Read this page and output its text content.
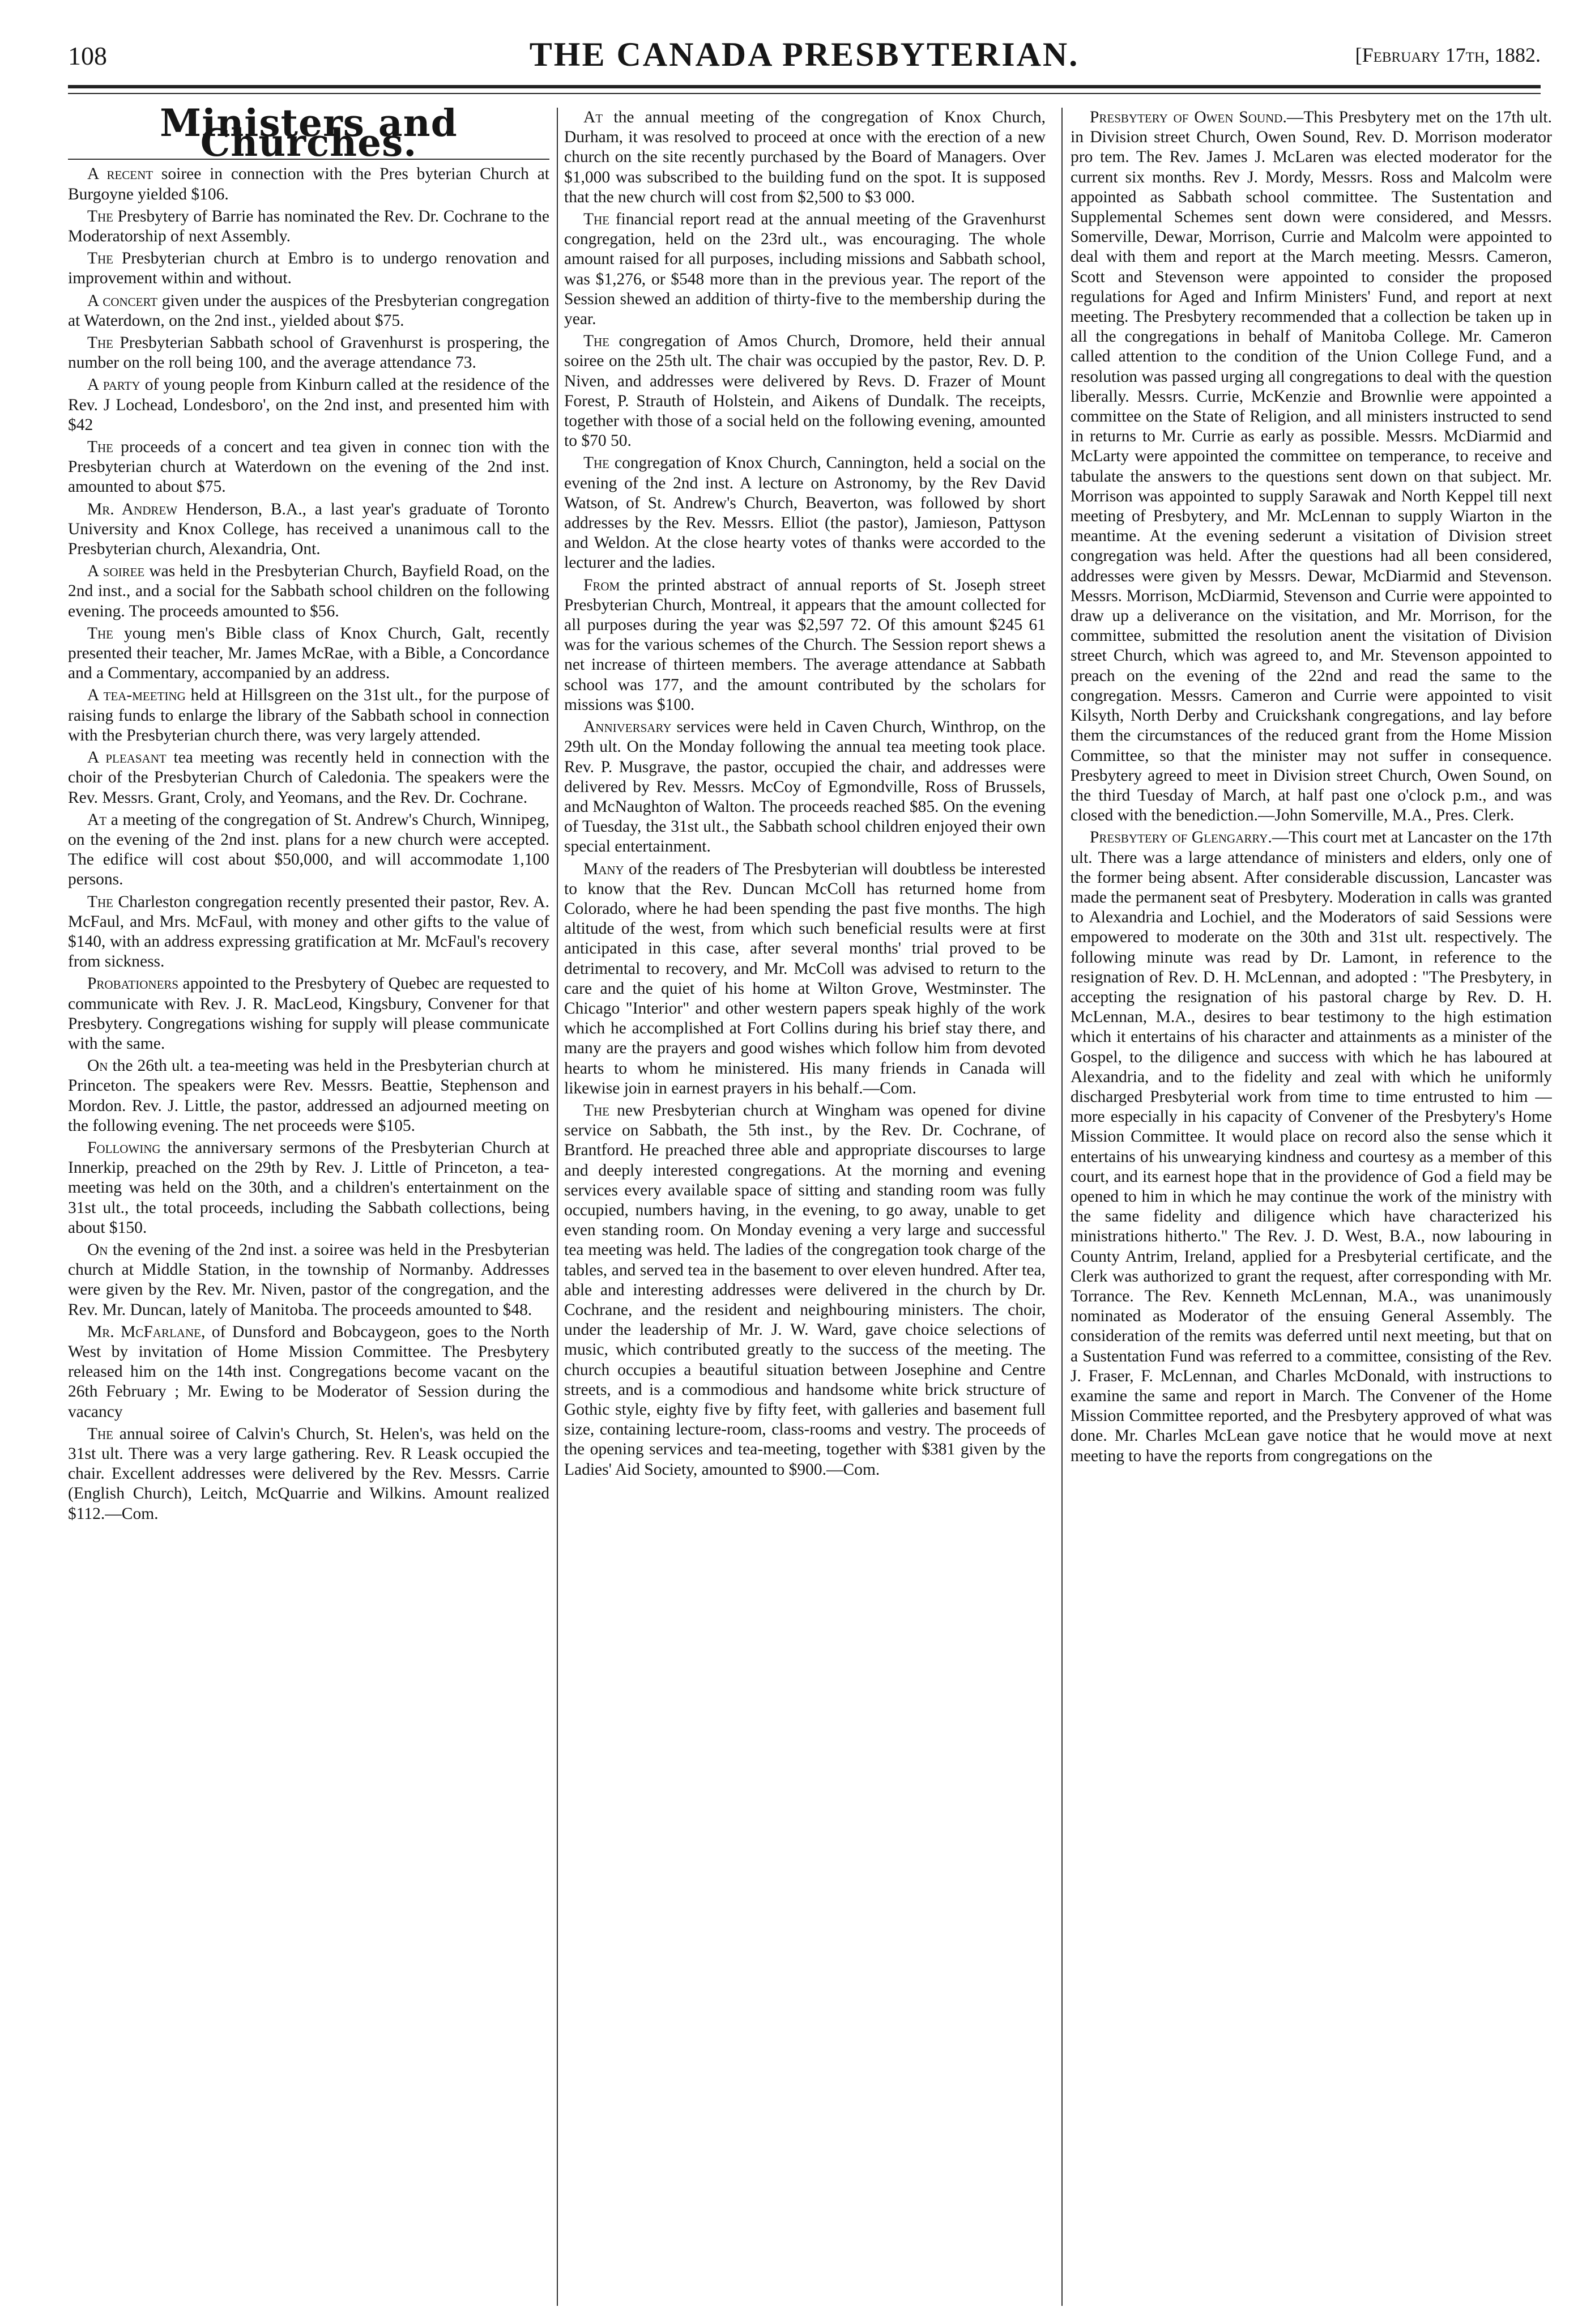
108	THE CANADA PRESBYTERIAN.	[February 17th, 1882.
Ministers and Churches.

A recent soiree in connection with the Pres byterian Church at Burgoyne yielded $106.

The Presbytery of Barrie has nominated the Rev. Dr. Cochrane to the Moderatorship of next Assembly.

The Presbyterian church at Embro is to undergo renovation and improvement within and without.

A concert given under the auspices of the Presbyterian congregation at Waterdown, on the 2nd inst., yielded about $75.

The Presbyterian Sabbath school of Gravenhurst is prospering, the number on the roll being 100, and the average attendance 73.

A party of young people from Kinburn called at the residence of the Rev. J Lochead, Londesboro', on the 2nd inst, and presented him with $42

The proceeds of a concert and tea given in connec tion with the Presbyterian church at Waterdown on the evening of the 2nd inst. amounted to about $75.

Mr. Andrew Henderson, B.A., a last year's graduate of Toronto University and Knox College, has received a unanimous call to the Presbyterian church, Alexandria, Ont.

A soiree was held in the Presbyterian Church, Bayfield Road, on the 2nd inst., and a social for the Sabbath school children on the following evening. The proceeds amounted to $56.

The young men's Bible class of Knox Church, Galt, recently presented their teacher, Mr. James McRae, with a Bible, a Concordance and a Commentary, accompanied by an address.

A tea-meeting held at Hillsgreen on the 31st ult., for the purpose of raising funds to enlarge the library of the Sabbath school in connection with the Presbyterian church there, was very largely attended.

A pleasant tea meeting was recently held in connection with the choir of the Presbyterian Church of Caledonia. The speakers were the Rev. Messrs. Grant, Croly, and Yeomans, and the Rev. Dr. Cochrane.

At a meeting of the congregation of St. Andrew's Church, Winnipeg, on the evening of the 2nd inst. plans for a new church were accepted. The edifice will cost about $50,000, and will accommodate 1,100 persons.

The Charleston congregation recently presented their pastor, Rev. A. McFaul, and Mrs. McFaul, with money and other gifts to the value of $140, with an address expressing gratification at Mr. McFaul's recovery from sickness.

Probationers appointed to the Presbytery of Quebec are requested to communicate with Rev. J. R. MacLeod, Kingsbury, Convener for that Presbytery. Congregations wishing for supply will please communicate with the same.

On the 26th ult. a tea-meeting was held in the Presbyterian church at Princeton. The speakers were Rev. Messrs. Beattie, Stephenson and Mordon. Rev. J. Little, the pastor, addressed an adjourned meeting on the following evening. The net proceeds were $105.

Following the anniversary sermons of the Presbyterian Church at Innerkip, preached on the 29th by Rev. J. Little of Princeton, a tea-meeting was held on the 30th, and a children's entertainment on the 31st ult., the total proceeds, including the Sabbath collections, being about $150.

On the evening of the 2nd inst. a soiree was held in the Presbyterian church at Middle Station, in the township of Normanby. Addresses were given by the Rev. Mr. Niven, pastor of the congregation, and the Rev. Mr. Duncan, lately of Manitoba. The proceeds amounted to $48.

Mr. McFarlane, of Dunsford and Bobcaygeon, goes to the North West by invitation of Home Mission Committee. The Presbytery released him on the 14th inst. Congregations become vacant on the 26th February ; Mr. Ewing to be Moderator of Session during the vacancy

The annual soiree of Calvin's Church, St. Helen's, was held on the 31st ult. There was a very large gathering. Rev. R Leask occupied the chair. Excellent addresses were delivered by the Rev. Messrs. Carrie (English Church), Leitch, McQuarrie and Wilkins. Amount realized $112.—Com.

At the annual meeting of the congregation of Knox Church, Durham, it was resolved to proceed at once with the erection of a new church on the site recently purchased by the Board of Managers. Over $1,000 was subscribed to the building fund on the spot. It is supposed that the new church will cost from $2,500 to $3 000.

The financial report read at the annual meeting of the Gravenhurst congregation, held on the 23rd ult., was encouraging. The whole amount raised for all purposes, including missions and Sabbath school, was $1,276, or $548 more than in the previous year. The report of the Session shewed an addition of thirty-five to the membership during the year.

The congregation of Amos Church, Dromore, held their annual soiree on the 25th ult. The chair was occupied by the pastor, Rev. D. P. Niven, and addresses were delivered by Revs. D. Frazer of Mount Forest, P. Strauth of Holstein, and Aikens of Dundalk. The receipts, together with those of a social held on the following evening, amounted to $70 50.

The congregation of Knox Church, Cannington, held a social on the evening of the 2nd inst. A lecture on Astronomy, by the Rev David Watson, of St. Andrew's Church, Beaverton, was followed by short addresses by the Rev. Messrs. Elliot (the pastor), Jamieson, Pattyson and Weldon. At the close hearty votes of thanks were accorded to the lecturer and the ladies.

From the printed abstract of annual reports of St. Joseph street Presbyterian Church, Montreal, it appears that the amount collected for all purposes during the year was $2,597 72. Of this amount $245 61 was for the various schemes of the Church. The Session report shews a net increase of thirteen members. The average attendance at Sabbath school was 177, and the amount contributed by the scholars for missions was $100.

Anniversary services were held in Caven Church, Winthrop, on the 29th ult. On the Monday following the annual tea meeting took place. Rev. P. Musgrave, the pastor, occupied the chair, and addresses were delivered by Rev. Messrs. McCoy of Egmondville, Ross of Brussels, and McNaughton of Walton. The proceeds reached $85. On the evening of Tuesday, the 31st ult., the Sabbath school children enjoyed their own special entertainment.

Many of the readers of The Presbyterian will doubtless be interested to know that the Rev. Duncan McColl has returned home from Colorado, where he had been spending the past five months. The high altitude of the west, from which such beneficial results were at first anticipated in this case, after several months' trial proved to be detrimental to recovery, and Mr. McColl was advised to return to the care and the quiet of his home at Wilton Grove, Westminster. The Chicago "Interior" and other western papers speak highly of the work which he accomplished at Fort Collins during his brief stay there, and many are the prayers and good wishes which follow him from devoted hearts to whom he ministered. His many friends in Canada will likewise join in earnest prayers in his behalf.—Com.

The new Presbyterian church at Wingham was opened for divine service on Sabbath, the 5th inst., by the Rev. Dr. Cochrane, of Brantford. He preached three able and appropriate discourses to large and deeply interested congregations. At the morning and evening services every available space of sitting and standing room was fully occupied, numbers having, in the evening, to go away, unable to get even standing room. On Monday evening a very large and successful tea meeting was held. The ladies of the congregation took charge of the tables, and served tea in the basement to over eleven hundred. After tea, able and interesting addresses were delivered in the church by Dr. Cochrane, and the resident and neighbouring ministers. The choir, under the leadership of Mr. J. W. Ward, gave choice selections of music, which contributed greatly to the success of the meeting. The church occupies a beautiful situation between Josephine and Centre streets, and is a commodious and handsome white brick structure of Gothic style, eighty five by fifty feet, with galleries and basement full size, containing lecture-room, class-rooms and vestry. The proceeds of the opening services and tea-meeting, together with $381 given by the Ladies' Aid Society, amounted to $900.—Com.

Presbytery of Owen Sound.—This Presbytery met on the 17th ult. in Division street Church, Owen Sound, Rev. D. Morrison moderator pro tem. The Rev. James J. McLaren was elected moderator for the current six months. Rev J. Mordy, Messrs. Ross and Malcolm were appointed as Sabbath school committee. The Sustentation and Supplemental Schemes sent down were considered, and Messrs. Somerville, Dewar, Morrison, Currie and Malcolm were appointed to deal with them and report at the March meeting. Messrs. Cameron, Scott and Stevenson were appointed to consider the proposed regulations for Aged and Infirm Ministers' Fund, and report at next meeting. The Presbytery recommended that a collection be taken up in all the congregations in behalf of Manitoba College. Mr. Cameron called attention to the condition of the Union College Fund, and a resolution was passed urging all congregations to deal with the question liberally. Messrs. Currie, McKenzie and Brownlie were appointed a committee on the State of Religion, and all ministers instructed to send in returns to Mr. Currie as early as possible. Messrs. McDiarmid and McLarty were appointed the committee on temperance, to receive and tabulate the answers to the questions sent down on that subject. Mr. Morrison was appointed to supply Sarawak and North Keppel till next meeting of Presbytery, and Mr. McLennan to supply Wiarton in the meantime. At the evening sederunt a visitation of Division street congregation was held. After the questions had all been considered, addresses were given by Messrs. Dewar, McDiarmid and Stevenson. Messrs. Morrison, McDiarmid, Stevenson and Currie were appointed to draw up a deliverance on the visitation, and Mr. Morrison, for the committee, submitted the resolution anent the visitation of Division street Church, which was agreed to, and Mr. Stevenson appointed to preach on the evening of the 22nd and read the same to the congregation. Messrs. Cameron and Currie were appointed to visit Kilsyth, North Derby and Cruickshank congregations, and lay before them the circumstances of the reduced grant from the Home Mission Committee, so that the minister may not suffer in consequence. Presbytery agreed to meet in Division street Church, Owen Sound, on the third Tuesday of March, at half past one o'clock p.m., and was closed with the benediction.—John Somerville, M.A., Pres. Clerk.

Presbytery of Glengarry.—This court met at Lancaster on the 17th ult. There was a large attendance of ministers and elders, only one of the former being absent. After considerable discussion, Lancaster was made the permanent seat of Presbytery. Moderation in calls was granted to Alexandria and Lochiel, and the Moderators of said Sessions were empowered to moderate on the 30th and 31st ult. respectively. The following minute was read by Dr. Lamont, in reference to the resignation of Rev. D. H. McLennan, and adopted : "The Presbytery, in accepting the resignation of his pastoral charge by Rev. D. H. McLennan, M.A., desires to bear testimony to the high estimation which it entertains of his character and attainments as a minister of the Gospel, to the diligence and success with which he has laboured at Alexandria, and to the fidelity and zeal with which he uniformly discharged Presbyterial work from time to time entrusted to him —more especially in his capacity of Convener of the Presbytery's Home Mission Committee. It would place on record also the sense which it entertains of his unwearying kindness and courtesy as a member of this court, and its earnest hope that in the providence of God a field may be opened to him in which he may continue the work of the ministry with the same fidelity and diligence which have characterized his ministrations hitherto." The Rev. J. D. West, B.A., now labouring in County Antrim, Ireland, applied for a Presbyterial certificate, and the Clerk was authorized to grant the request, after corresponding with Mr. Torrance. The Rev. Kenneth McLennan, M.A., was unanimously nominated as Moderator of the ensuing General Assembly. The consideration of the remits was deferred until next meeting, but that on a Sustentation Fund was referred to a committee, consisting of the Rev. J. Fraser, F. McLennan, and Charles McDonald, with instructions to examine the same and report in March. The Convener of the Home Mission Committee reported, and the Presbytery approved of what was done. Mr. Charles McLean gave notice that he would move at next meeting to have the reports from congregations on the
